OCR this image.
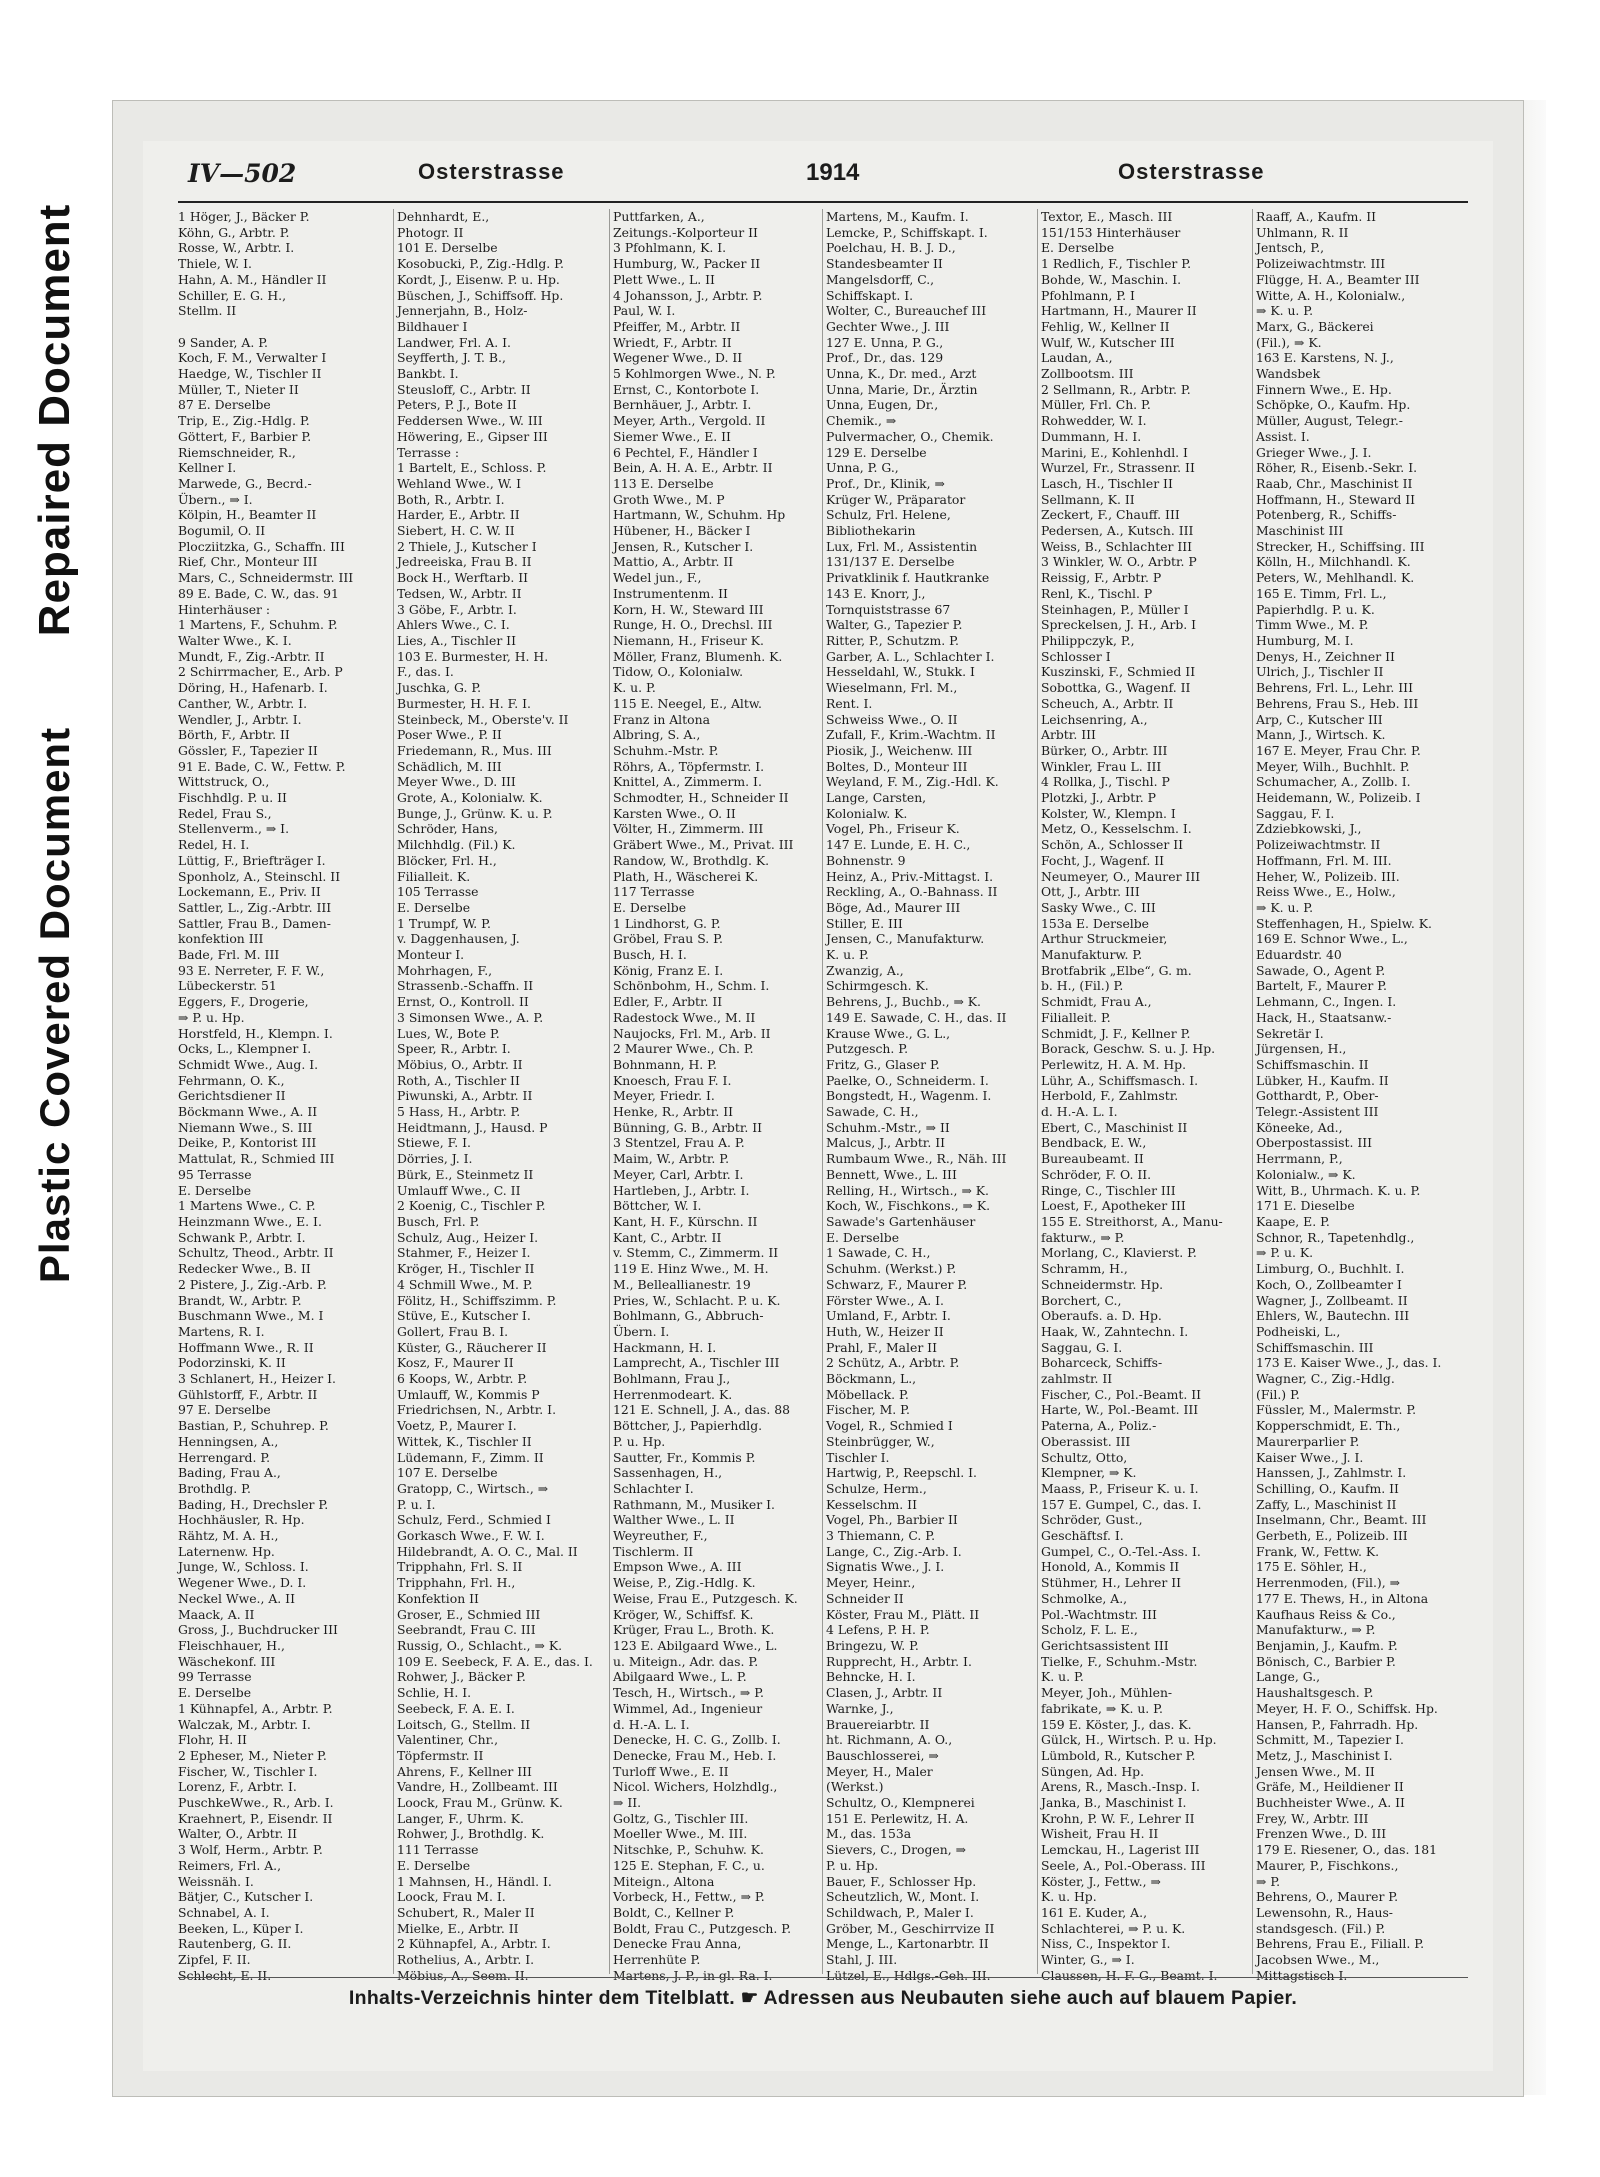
Repaired Document
Plastic Covered Document
IV—502	Osterstrasse	1914	Osterstrasse
1 Höger, J., Bäcker P.
Köhn, G., Arbtr. P.
Rosse, W., Arbtr. I.
Thiele, W. I.
Hahn, A. M., Händler II
Schiller, E. G. H.,
Stellm. II

9 Sander, A. P.
Koch, F. M., Verwalter I
Haedge, W., Tischler II
Müller, T., Nieter II
87 E. Derselbe
Trip, E., Zig.-Hdlg. P.
Göttert, F., Barbier P.
Riemschneider, R.,
Kellner I.
Marwede, G., Becrd.-
Übern., ⇒ I.
Kölpin, H., Beamter II
Bogumil, O. II
Plocziitzka, G., Schaffn. III
Rief, Chr., Monteur III
Mars, C., Schneidermstr. III
89 E. Bade, C. W., das. 91
Hinterhäuser :
1 Martens, F., Schuhm. P.
Walter Wwe., K. I.
Mundt, F., Zig.-Arbtr. II
2 Schirrmacher, E., Arb. P
Döring, H., Hafenarb. I.
Canther, W., Arbtr. I.
Wendler, J., Arbtr. I.
Börth, F., Arbtr. II
Gössler, F., Tapezier II
91 E. Bade, C. W., Fettw. P.
Wittstruck, O.,
Fischhdlg. P. u. II
Redel, Frau S.,
Stellenverm., ⇒ I.
Redel, H. I.
Lüttig, F., Briefträger I.
Sponholz, A., Steinschl. II
Lockemann, E., Priv. II
Sattler, L., Zig.-Arbtr. III
Sattler, Frau B., Damen-
konfektion III
Bade, Frl. M. III
93 E. Nerreter, F. F. W.,
Lübeckerstr. 51
Eggers, F., Drogerie,
⇒ P. u. Hp.
Horstfeld, H., Klempn. I.
Ocks, L., Klempner I.
Schmidt Wwe., Aug. I.
Fehrmann, O. K.,
Gerichtsdiener II
Böckmann Wwe., A. II
Niemann Wwe., S. III
Deike, P., Kontorist III
Mattulat, R., Schmied III
95 Terrasse
E. Derselbe
1 Martens Wwe., C. P.
Heinzmann Wwe., E. I.
Schwank P., Arbtr. I.
Schultz, Theod., Arbtr. II
Redecker Wwe., B. II
2 Pistere, J., Zig.-Arb. P.
Brandt, W., Arbtr. P.
Buschmann Wwe., M. I
Martens, R. I.
Hoffmann Wwe., R. II
Podorzinski, K. II
3 Schlanert, H., Heizer I.
Gühlstorff, F., Arbtr. II
97 E. Derselbe
Bastian, P., Schuhrep. P.
Henningsen, A.,
Herrengard. P.
Bading, Frau A.,
Brothdlg. P.
Bading, H., Drechsler P.
Hochhäusler, R. Hp.
Rähtz, M. A. H.,
Laternenw. Hp.
Junge, W., Schloss. I.
Wegener Wwe., D. I.
Neckel Wwe., A. II
Maack, A. II
Gross, J., Buchdrucker III
Fleischhauer, H.,
Wäschekonf. III
99 Terrasse
E. Derselbe
1 Kühnapfel, A., Arbtr. P.
Walczak, M., Arbtr. I.
Flohr, H. II
2 Epheser, M., Nieter P.
Fischer, W., Tischler I.
Lorenz, F., Arbtr. I.
PuschkeWwe., R., Arb. I.
Kraehnert, P., Eisendr. II
Walter, O., Arbtr. II
3 Wolf, Herm., Arbtr. P.
Reimers, Frl. A.,
Weissnäh. I.
Bätjer, C., Kutscher I.
Schnabel, A. I.
Beeken, L., Küper I.
Rautenberg, G. II.
Zipfel, F. II.
Schlecht, E. II.
Dehnhardt, E.,
Photogr. II
101 E. Derselbe
Kosobucki, P., Zig.-Hdlg. P.
Kordt, J., Eisenw. P. u. Hp.
Büschen, J., Schiffsoff. Hp.
Jennerjahn, B., Holz-
Bildhauer I
Landwer, Frl. A. I.
Seyfferth, J. T. B.,
Bankbt. I.
Steusloff, C., Arbtr. II
Peters, P. J., Bote II
Feddersen Wwe., W. III
Höwering, E., Gipser III
Terrasse :
1 Bartelt, E., Schloss. P.
Wehland Wwe., W. I
Both, R., Arbtr. I.
Harder, E., Arbtr. II
Siebert, H. C. W. II
2 Thiele, J., Kutscher I
Jedreeiska, Frau B. II
Bock H., Werftarb. II
Tedsen, W., Arbtr. II
3 Göbe, F., Arbtr. I.
Ahlers Wwe., C. I.
Lies, A., Tischler II
103 E. Burmester, H. H.
F., das. I.
Juschka, G. P.
Burmester, H. H. F. I.
Steinbeck, M., Oberste'v. II
Poser Wwe., P. II
Friedemann, R., Mus. III
Schädlich, M. III
Meyer Wwe., D. III
Grote, A., Kolonialw. K.
Bunge, J., Grünw. K. u. P.
Schröder, Hans,
Milchhdlg. (Fil.) K.
Blöcker, Frl. H.,
Filialleit. K.
105 Terrasse
E. Derselbe
1 Trumpf, W. P.
v. Daggenhausen, J.
Monteur I.
Mohrhagen, F.,
Strassenb.-Schaffn. II
Ernst, O., Kontroll. II
3 Simonsen Wwe., A. P.
Lues, W., Bote P.
Speer, R., Arbtr. I.
Möbius, O., Arbtr. II
Roth, A., Tischler II
Piwunski, A., Arbtr. II
5 Hass, H., Arbtr. P.
Heidtmann, J., Hausd. P
Stiewe, F. I.
Dörries, J. I.
Bürk, E., Steinmetz II
Umlauff Wwe., C. II
2 Koenig, C., Tischler P.
Busch, Frl. P.
Schulz, Aug., Heizer I.
Stahmer, F., Heizer I.
Kröger, H., Tischler II
4 Schmill Wwe., M. P.
Fölitz, H., Schiffszimm. P.
Stüve, E., Kutscher I.
Gollert, Frau B. I.
Küster, G., Räucherer II
Kosz, F., Maurer II
6 Koops, W., Arbtr. P.
Umlauff, W., Kommis P
Friedrichsen, N., Arbtr. I.
Voetz, P., Maurer I.
Wittek, K., Tischler II
Lüdemann, F., Zimm. II
107 E. Derselbe
Gratopp, C., Wirtsch., ⇒
P. u. I.
Schulz, Ferd., Schmied I
Gorkasch Wwe., F. W. I.
Hildebrandt, A. O. C., Mal. II
Tripphahn, Frl. S. II
Tripphahn, Frl. H.,
Konfektion II
Groser, E., Schmied III
Seebrandt, Frau C. III
Russig, O., Schlacht., ⇒ K.
109 E. Seebeck, F. A. E., das. I.
Rohwer, J., Bäcker P.
Schlie, H. I.
Seebeck, F. A. E. I.
Loitsch, G., Stellm. II
Valentiner, Chr.,
Töpfermstr. II
Ahrens, F., Kellner III
Vandre, H., Zollbeamt. III
Loock, Frau M., Grünw. K.
Langer, F., Uhrm. K.
Rohwer, J., Brothdlg. K.
111 Terrasse
E. Derselbe
1 Mahnsen, H., Händl. I.
Loock, Frau M. I.
Schubert, R., Maler II
Mielke, E., Arbtr. II
2 Kühnapfel, A., Arbtr. I.
Rothelius, A., Arbtr. I.
Möbius, A., Seem. II.
Puttfarken, A.,
Zeitungs.-Kolporteur II
3 Pfohlmann, K. I.
Humburg, W., Packer II
Plett Wwe., L. II
4 Johansson, J., Arbtr. P.
Paul, W. I.
Pfeiffer, M., Arbtr. II
Wriedt, F., Arbtr. II
Wegener Wwe., D. II
5 Kohlmorgen Wwe., N. P.
Ernst, C., Kontorbote I.
Bernhäuer, J., Arbtr. I.
Meyer, Arth., Vergold. II
Siemer Wwe., E. II
6 Pechtel, F., Händler I
Bein, A. H. A. E., Arbtr. II
113 E. Derselbe
Groth Wwe., M. P
Hartmann, W., Schuhm. Hp
Hübener, H., Bäcker I
Jensen, R., Kutscher I.
Mattio, A., Arbtr. II
Wedel jun., F.,
Instrumentenm. II
Korn, H. W., Steward III
Runge, H. O., Drechsl. III
Niemann, H., Friseur K.
Möller, Franz, Blumenh. K.
Tidow, O., Kolonialw.
K. u. P.
115 E. Neegel, E., Altw.
Franz in Altona
Albring, S. A.,
Schuhm.-Mstr. P.
Röhrs, A., Töpfermstr. I.
Knittel, A., Zimmerm. I.
Schmodter, H., Schneider II
Karsten Wwe., O. II
Völter, H., Zimmerm. III
Gräbert Wwe., M., Privat. III
Randow, W., Brothdlg. K.
Plath, H., Wäscherei K.
117 Terrasse
E. Derselbe
1 Lindhorst, G. P.
Gröbel, Frau S. P.
Busch, H. I.
König, Franz E. I.
Schönbohm, H., Schm. I.
Edler, F., Arbtr. II
Radestock Wwe., M. II
Naujocks, Frl. M., Arb. II
2 Maurer Wwe., Ch. P.
Bohnmann, H. P.
Knoesch, Frau F. I.
Meyer, Friedr. I.
Henke, R., Arbtr. II
Bünning, G. B., Arbtr. II
3 Stentzel, Frau A. P.
Maim, W., Arbtr. P.
Meyer, Carl, Arbtr. I.
Hartleben, J., Arbtr. I.
Böttcher, W. I.
Kant, H. F., Kürschn. II
Kant, C., Arbtr. II
v. Stemm, C., Zimmerm. II
119 E. Hinz Wwe., M. H.
M., Belleallianestr. 19
Pries, W., Schlacht. P. u. K.
Bohlmann, G., Abbruch-
Übern. I.
Hackmann, H. I.
Lamprecht, A., Tischler III
Bohlmann, Frau J.,
Herrenmodeart. K.
121 E. Schnell, J. A., das. 88
Böttcher, J., Papierhdlg.
P. u. Hp.
Sautter, Fr., Kommis P.
Sassenhagen, H.,
Schlachter I.
Rathmann, M., Musiker I.
Walther Wwe., L. II
Weyreuther, F.,
Tischlerm. II
Empson Wwe., A. III
Weise, P., Zig.-Hdlg. K.
Weise, Frau E., Putzgesch. K.
Kröger, W., Schiffsf. K.
Krüger, Frau L., Broth. K.
123 E. Abilgaard Wwe., L.
u. Miteign., Adr. das. P.
Abilgaard Wwe., L. P.
Tesch, H., Wirtsch., ⇒ P.
Wimmel, Ad., Ingenieur
d. H.-A. L. I.
Denecke, H. C. G., Zollb. I.
Denecke, Frau M., Heb. I.
Turloff Wwe., E. II
Nicol. Wichers, Holzhdlg.,
⇒ II.
Goltz, G., Tischler III.
Moeller Wwe., M. III.
Nitschke, P., Schuhw. K.
125 E. Stephan, F. C., u.
Miteign., Altona
Vorbeck, H., Fettw., ⇒ P.
Boldt, C., Kellner P.
Boldt, Frau C., Putzgesch. P.
Denecke Frau Anna,
Herrenhüte P.
Martens, J. P., in gl. Ra. I.
Martens, M., Kaufm. I.
Lemcke, P., Schiffskapt. I.
Poelchau, H. B. J. D.,
Standesbeamter II
Mangelsdorff, C.,
Schiffskapt. I.
Wolter, C., Bureauchef III
Gechter Wwe., J. III
127 E. Unna, P. G.,
Prof., Dr., das. 129
Unna, K., Dr. med., Arzt
Unna, Marie, Dr., Ärztin
Unna, Eugen, Dr.,
Chemik., ⇒
Pulvermacher, O., Chemik.
129 E. Derselbe
Unna, P. G.,
Prof., Dr., Klinik, ⇒
Krüger W., Präparator
Schulz, Frl. Helene,
Bibliothekarin
Lux, Frl. M., Assistentin
131/137 E. Derselbe
Privatklinik f. Hautkranke
143 E. Knorr, J.,
Tornquiststrasse 67
Walter, G., Tapezier P.
Ritter, P., Schutzm. P.
Garber, A. L., Schlachter I.
Hesseldahl, W., Stukk. I
Wieselmann, Frl. M.,
Rent. I.
Schweiss Wwe., O. II
Zufall, F., Krim.-Wachtm. II
Piosik, J., Weichenw. III
Boltes, D., Monteur III
Weyland, F. M., Zig.-Hdl. K.
Lange, Carsten,
Kolonialw. K.
Vogel, Ph., Friseur K.
147 E. Lunde, E. H. C.,
Bohnenstr. 9
Heinz, A., Priv.-Mittagst. I.
Reckling, A., O.-Bahnass. II
Böge, Ad., Maurer III
Stiller, E. III
Jensen, C., Manufakturw.
K. u. P.
Zwanzig, A.,
Schirmgesch. K.
Behrens, J., Buchb., ⇒ K.
149 E. Sawade, C. H., das. II
Krause Wwe., G. L.,
Putzgesch. P.
Fritz, G., Glaser P.
Paelke, O., Schneiderm. I.
Bongstedt, H., Wagenm. I.
Sawade, C. H.,
Schuhm.-Mstr., ⇒ II
Malcus, J., Arbtr. II
Rumbaum Wwe., R., Näh. III
Bennett, Wwe., L. III
Relling, H., Wirtsch., ⇒ K.
Koch, W., Fischkons., ⇒ K.
Sawade's Gartenhäuser
E. Derselbe
1 Sawade, C. H.,
Schuhm. (Werkst.) P.
Schwarz, F., Maurer P.
Förster Wwe., A. I.
Umland, F., Arbtr. I.
Huth, W., Heizer II
Prahl, F., Maler II
2 Schütz, A., Arbtr. P.
Böckmann, L.,
Möbellack. P.
Fischer, M. P.
Vogel, R., Schmied I
Steinbrügger, W.,
Tischler I.
Hartwig, P., Reepschl. I.
Schulze, Herm.,
Kesselschm. II
Vogel, Ph., Barbier II
3 Thiemann, C. P.
Lange, C., Zig.-Arb. I.
Signatis Wwe., J. I.
Meyer, Heinr.,
Schneider II
Köster, Frau M., Plätt. II
4 Lefens, P. H. P.
Bringezu, W. P.
Rupprecht, H., Arbtr. I.
Behncke, H. I.
Clasen, J., Arbtr. II
Warnke, J.,
Brauereiarbtr. II
ht. Richmann, A. O.,
Bauschlosserei, ⇒
Meyer, H., Maler
(Werkst.)
Schultz, O., Klempnerei
151 E. Perlewitz, H. A.
M., das. 153a
Sievers, C., Drogen, ⇒
P. u. Hp.
Bauer, F., Schlosser Hp.
Scheutzlich, W., Mont. I.
Schildwach, P., Maler I.
Gröber, M., Geschirrvize II
Menge, L., Kartonarbtr. II
Stahl, J. III.
Lützel, E., Hdlgs.-Geh. III.
Textor, E., Masch. III
151/153 Hinterhäuser
E. Derselbe
1 Redlich, F., Tischler P.
Bohde, W., Maschin. I.
Pfohlmann, P. I
Hartmann, H., Maurer II
Fehlig, W., Kellner II
Wulf, W., Kutscher III
Laudan, A.,
Zollbootsm. III
2 Sellmann, R., Arbtr. P.
Müller, Frl. Ch. P.
Rohwedder, W. I.
Dummann, H. I.
Marini, E., Kohlenhdl. I
Wurzel, Fr., Strassenr. II
Lasch, H., Tischler II
Sellmann, K. II
Zeckert, F., Chauff. III
Pedersen, A., Kutsch. III
Weiss, B., Schlachter III
3 Winkler, W. O., Arbtr. P
Reissig, F., Arbtr. P
Renl, K., Tischl. P
Steinhagen, P., Müller I
Spreckelsen, J. H., Arb. I
Philippczyk, P.,
Schlosser I
Kuszinski, F., Schmied II
Sobottka, G., Wagenf. II
Scheuch, A., Arbtr. II
Leichsenring, A.,
Arbtr. III
Bürker, O., Arbtr. III
Winkler, Frau L. III
4 Rollka, J., Tischl. P
Plotzki, J., Arbtr. P
Kolster, W., Klempn. I
Metz, O., Kesselschm. I.
Schön, A., Schlosser II
Focht, J., Wagenf. II
Neumeyer, O., Maurer III
Ott, J., Arbtr. III
Sasky Wwe., C. III
153a E. Derselbe
Arthur Struckmeier,
Manufakturw. P.
Brotfabrik „Elbe“, G. m.
b. H., (Fil.) P.
Schmidt, Frau A.,
Filialleit. P.
Schmidt, J. F., Kellner P.
Borack, Geschw. S. u. J. Hp.
Perlewitz, H. A. M. Hp.
Lühr, A., Schiffsmasch. I.
Herbold, F., Zahlmstr.
d. H.-A. L. I.
Ebert, C., Maschinist II
Bendback, E. W.,
Bureaubeamt. II
Schröder, F. O. II.
Ringe, C., Tischler III
Loest, F., Apotheker III
155 E. Streithorst, A., Manu-
fakturw., ⇒ P.
Morlang, C., Klavierst. P.
Schramm, H.,
Schneidermstr. Hp.
Borchert, C.,
Oberaufs. a. D. Hp.
Haak, W., Zahntechn. I.
Saggau, G. I.
Boharceck, Schiffs-
zahlmstr. II
Fischer, C., Pol.-Beamt. II
Harte, W., Pol.-Beamt. III
Paterna, A., Poliz.-
Oberassist. III
Schultz, Otto,
Klempner, ⇒ K.
Maass, P., Friseur K. u. I.
157 E. Gumpel, C., das. I.
Schröder, Gust.,
Geschäftsf. I.
Gumpel, C., O.-Tel.-Ass. I.
Honold, A., Kommis II
Stühmer, H., Lehrer II
Schmolke, A.,
Pol.-Wachtmstr. III
Scholz, F. L. E.,
Gerichtsassistent III
Tielke, F., Schuhm.-Mstr.
K. u. P.
Meyer, Joh., Mühlen-
fabrikate, ⇒ K. u. P.
159 E. Köster, J., das. K.
Gülck, H., Wirtsch. P. u. Hp.
Lümbold, R., Kutscher P.
Süngen, Ad. Hp.
Arens, R., Masch.-Insp. I.
Janka, B., Maschinist I.
Krohn, P. W. F., Lehrer II
Wisheit, Frau H. II
Lemckau, H., Lagerist III
Seele, A., Pol.-Oberass. III
Köster, J., Fettw., ⇒
K. u. Hp.
161 E. Kuder, A.,
Schlachterei, ⇒ P. u. K.
Niss, C., Inspektor I.
Winter, G., ⇒ I.
Claussen, H. F. G., Beamt. I.
Raaff, A., Kaufm. II
Uhlmann, R. II
Jentsch, P.,
Polizeiwachtmstr. III
Flügge, H. A., Beamter III
Witte, A. H., Kolonialw.,
⇒ K. u. P.
Marx, G., Bäckerei
(Fil.), ⇒ K.
163 E. Karstens, N. J.,
Wandsbek
Finnern Wwe., E. Hp.
Schöpke, O., Kaufm. Hp.
Müller, August, Telegr.-
Assist. I.
Grieger Wwe., J. I.
Röher, R., Eisenb.-Sekr. I.
Raab, Chr., Maschinist II
Hoffmann, H., Steward II
Potenberg, R., Schiffs-
Maschinist III
Strecker, H., Schiffsing. III
Kölln, H., Milchhandl. K.
Peters, W., Mehlhandl. K.
165 E. Timm, Frl. L.,
Papierhdlg. P. u. K.
Timm Wwe., M. P.
Humburg, M. I.
Denys, H., Zeichner II
Ulrich, J., Tischler II
Behrens, Frl. L., Lehr. III
Behrens, Frau S., Heb. III
Arp, C., Kutscher III
Mann, J., Wirtsch. K.
167 E. Meyer, Frau Chr. P.
Meyer, Wilh., Buchhlt. P.
Schumacher, A., Zollb. I.
Heidemann, W., Polizeib. I
Saggau, F. I.
Zdziebkowski, J.,
Polizeiwachtmstr. II
Hoffmann, Frl. M. III.
Heher, W., Polizeib. III.
Reiss Wwe., E., Holw.,
⇒ K. u. P.
Steffenhagen, H., Spielw. K.
169 E. Schnor Wwe., L.,
Eduardstr. 40
Sawade, O., Agent P.
Bartelt, F., Maurer P.
Lehmann, C., Ingen. I.
Hack, H., Staatsanw.-
Sekretär I.
Jürgensen, H.,
Schiffsmaschin. II
Lübker, H., Kaufm. II
Gotthardt, P., Ober-
Telegr.-Assistent III
Köneeke, Ad.,
Oberpostassist. III
Herrmann, P.,
Kolonialw., ⇒ K.
Witt, B., Uhrmach. K. u. P.
171 E. Dieselbe
Kaape, E. P.
Schnor, R., Tapetenhdlg.,
⇒ P. u. K.
Limburg, O., Buchhlt. I.
Koch, O., Zollbeamter I
Wagner, J., Zollbeamt. II
Ehlers, W., Bautechn. III
Podheiski, L.,
Schiffsmaschin. III
173 E. Kaiser Wwe., J., das. I.
Wagner, C., Zig.-Hdlg.
(Fil.) P.
Füssler, M., Malermstr. P.
Kopperschmidt, E. Th.,
Maurerparlier P.
Kaiser Wwe., J. I.
Hanssen, J., Zahlmstr. I.
Schilling, O., Kaufm. II
Zaffy, L., Maschinist II
Inselmann, Chr., Beamt. III
Gerbeth, E., Polizeib. III
Frank, W., Fettw. K.
175 E. Söhler, H.,
Herrenmoden, (Fil.), ⇒
177 E. Thews, H., in Altona
Kaufhaus Reiss & Co.,
Manufakturw., ⇒ P.
Benjamin, J., Kaufm. P.
Bönisch, C., Barbier P.
Lange, G.,
Haushaltsgesch. P.
Meyer, H. F. O., Schiffsk. Hp.
Hansen, P., Fahrradh. Hp.
Schmitt, M., Tapezier I.
Metz, J., Maschinist I.
Jensen Wwe., M. II
Gräfe, M., Heildiener II
Buchheister Wwe., A. II
Frey, W., Arbtr. III
Frenzen Wwe., D. III
179 E. Riesener, O., das. 181
Maurer, P., Fischkons.,
⇒ P.
Behrens, O., Maurer P.
Lewensohn, R., Haus-
standsgesch. (Fil.) P.
Behrens, Frau E., Filiall. P.
Jacobsen Wwe., M.,
Mittagstisch I.
Inhalts-Verzeichnis hinter dem Titelblatt. ☛ Adressen aus Neubauten siehe auch auf blauem Papier.
